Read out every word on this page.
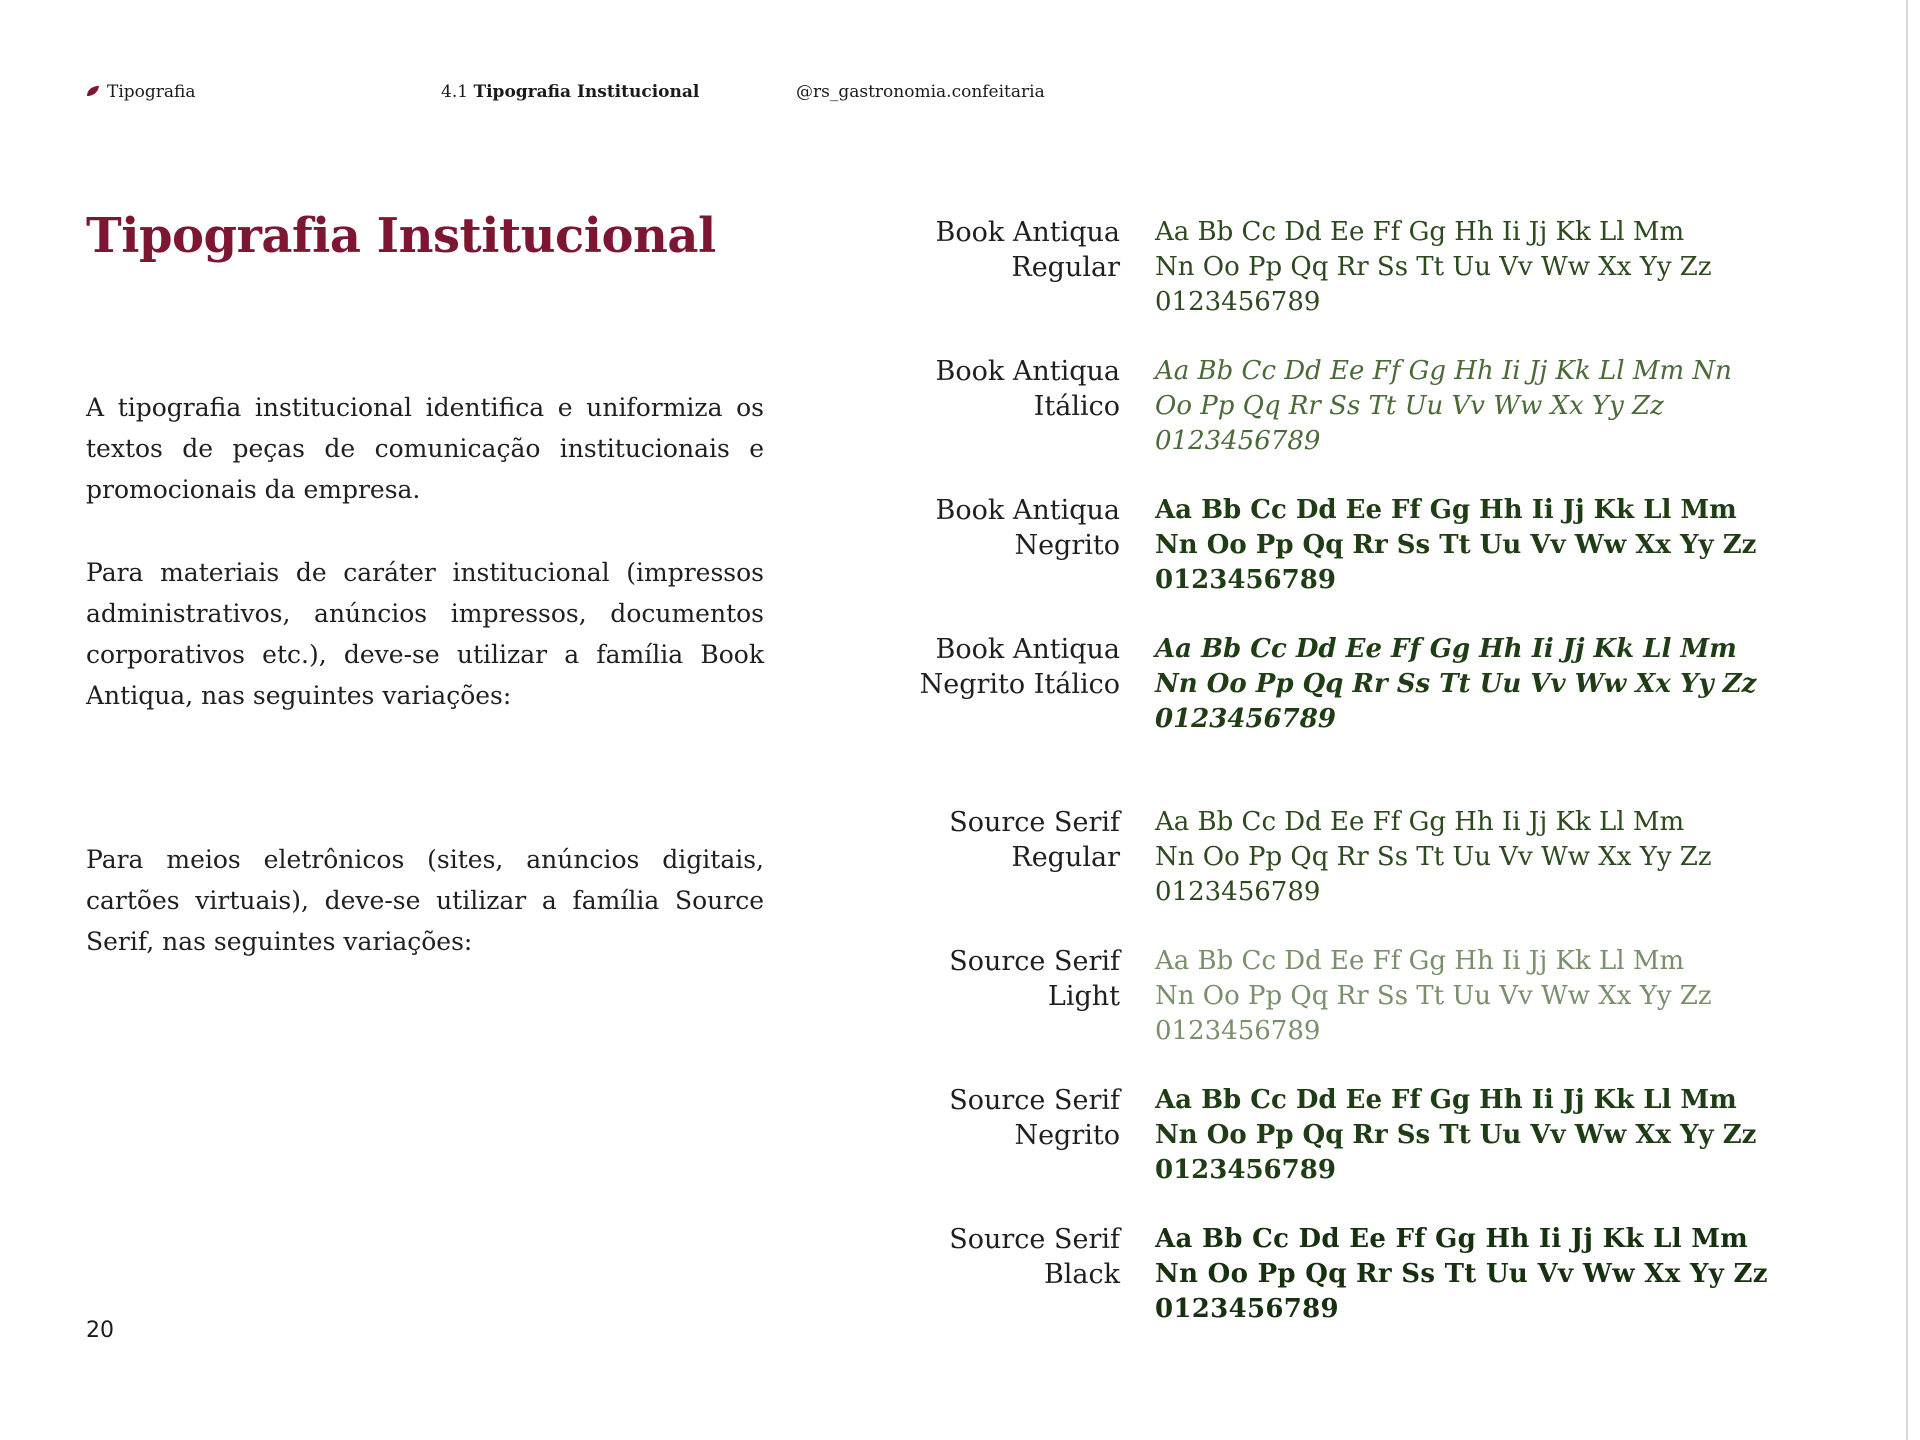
Tipografia	4.1 Tipografia Institucional	@rs_gastronomia.confeitaria
Tipografia Institucional

A tipografia institucional identifica e uniformiza os textos de peças de comunicação institucionais e promocionais da empresa.

Para materiais de caráter institucional (impressos administrativos, anúncios impressos, documentos corporativos etc.), deve-se utilizar a família Book Antiqua, nas seguintes variações:

Para meios eletrônicos (sites, anúncios digitais, cartões virtuais), deve-se utilizar a família Source Serif, nas seguintes variações:

20
Book Antiqua
Regular
Aa Bb Cc Dd Ee Ff Gg Hh Ii Jj Kk Ll Mm
Nn Oo Pp Qq Rr Ss Tt Uu Vv Ww Xx Yy Zz
0123456789
Book Antiqua
Itálico
Aa Bb Cc Dd Ee Ff Gg Hh Ii Jj Kk Ll Mm Nn
Oo Pp Qq Rr Ss Tt Uu Vv Ww Xx Yy Zz
0123456789
Book Antiqua
Negrito
Aa Bb Cc Dd Ee Ff Gg Hh Ii Jj Kk Ll Mm
Nn Oo Pp Qq Rr Ss Tt Uu Vv Ww Xx Yy Zz
0123456789
Book Antiqua
Negrito Itálico
Aa Bb Cc Dd Ee Ff Gg Hh Ii Jj Kk Ll Mm
Nn Oo Pp Qq Rr Ss Tt Uu Vv Ww Xx Yy Zz
0123456789
Source Serif
Regular
Aa Bb Cc Dd Ee Ff Gg Hh Ii Jj Kk Ll Mm
Nn Oo Pp Qq Rr Ss Tt Uu Vv Ww Xx Yy Zz
0123456789
Source Serif
Light
Aa Bb Cc Dd Ee Ff Gg Hh Ii Jj Kk Ll Mm
Nn Oo Pp Qq Rr Ss Tt Uu Vv Ww Xx Yy Zz
0123456789
Source Serif
Negrito
Aa Bb Cc Dd Ee Ff Gg Hh Ii Jj Kk Ll Mm
Nn Oo Pp Qq Rr Ss Tt Uu Vv Ww Xx Yy Zz
0123456789
Source Serif
Black
Aa Bb Cc Dd Ee Ff Gg Hh Ii Jj Kk Ll Mm
Nn Oo Pp Qq Rr Ss Tt Uu Vv Ww Xx Yy Zz
0123456789
